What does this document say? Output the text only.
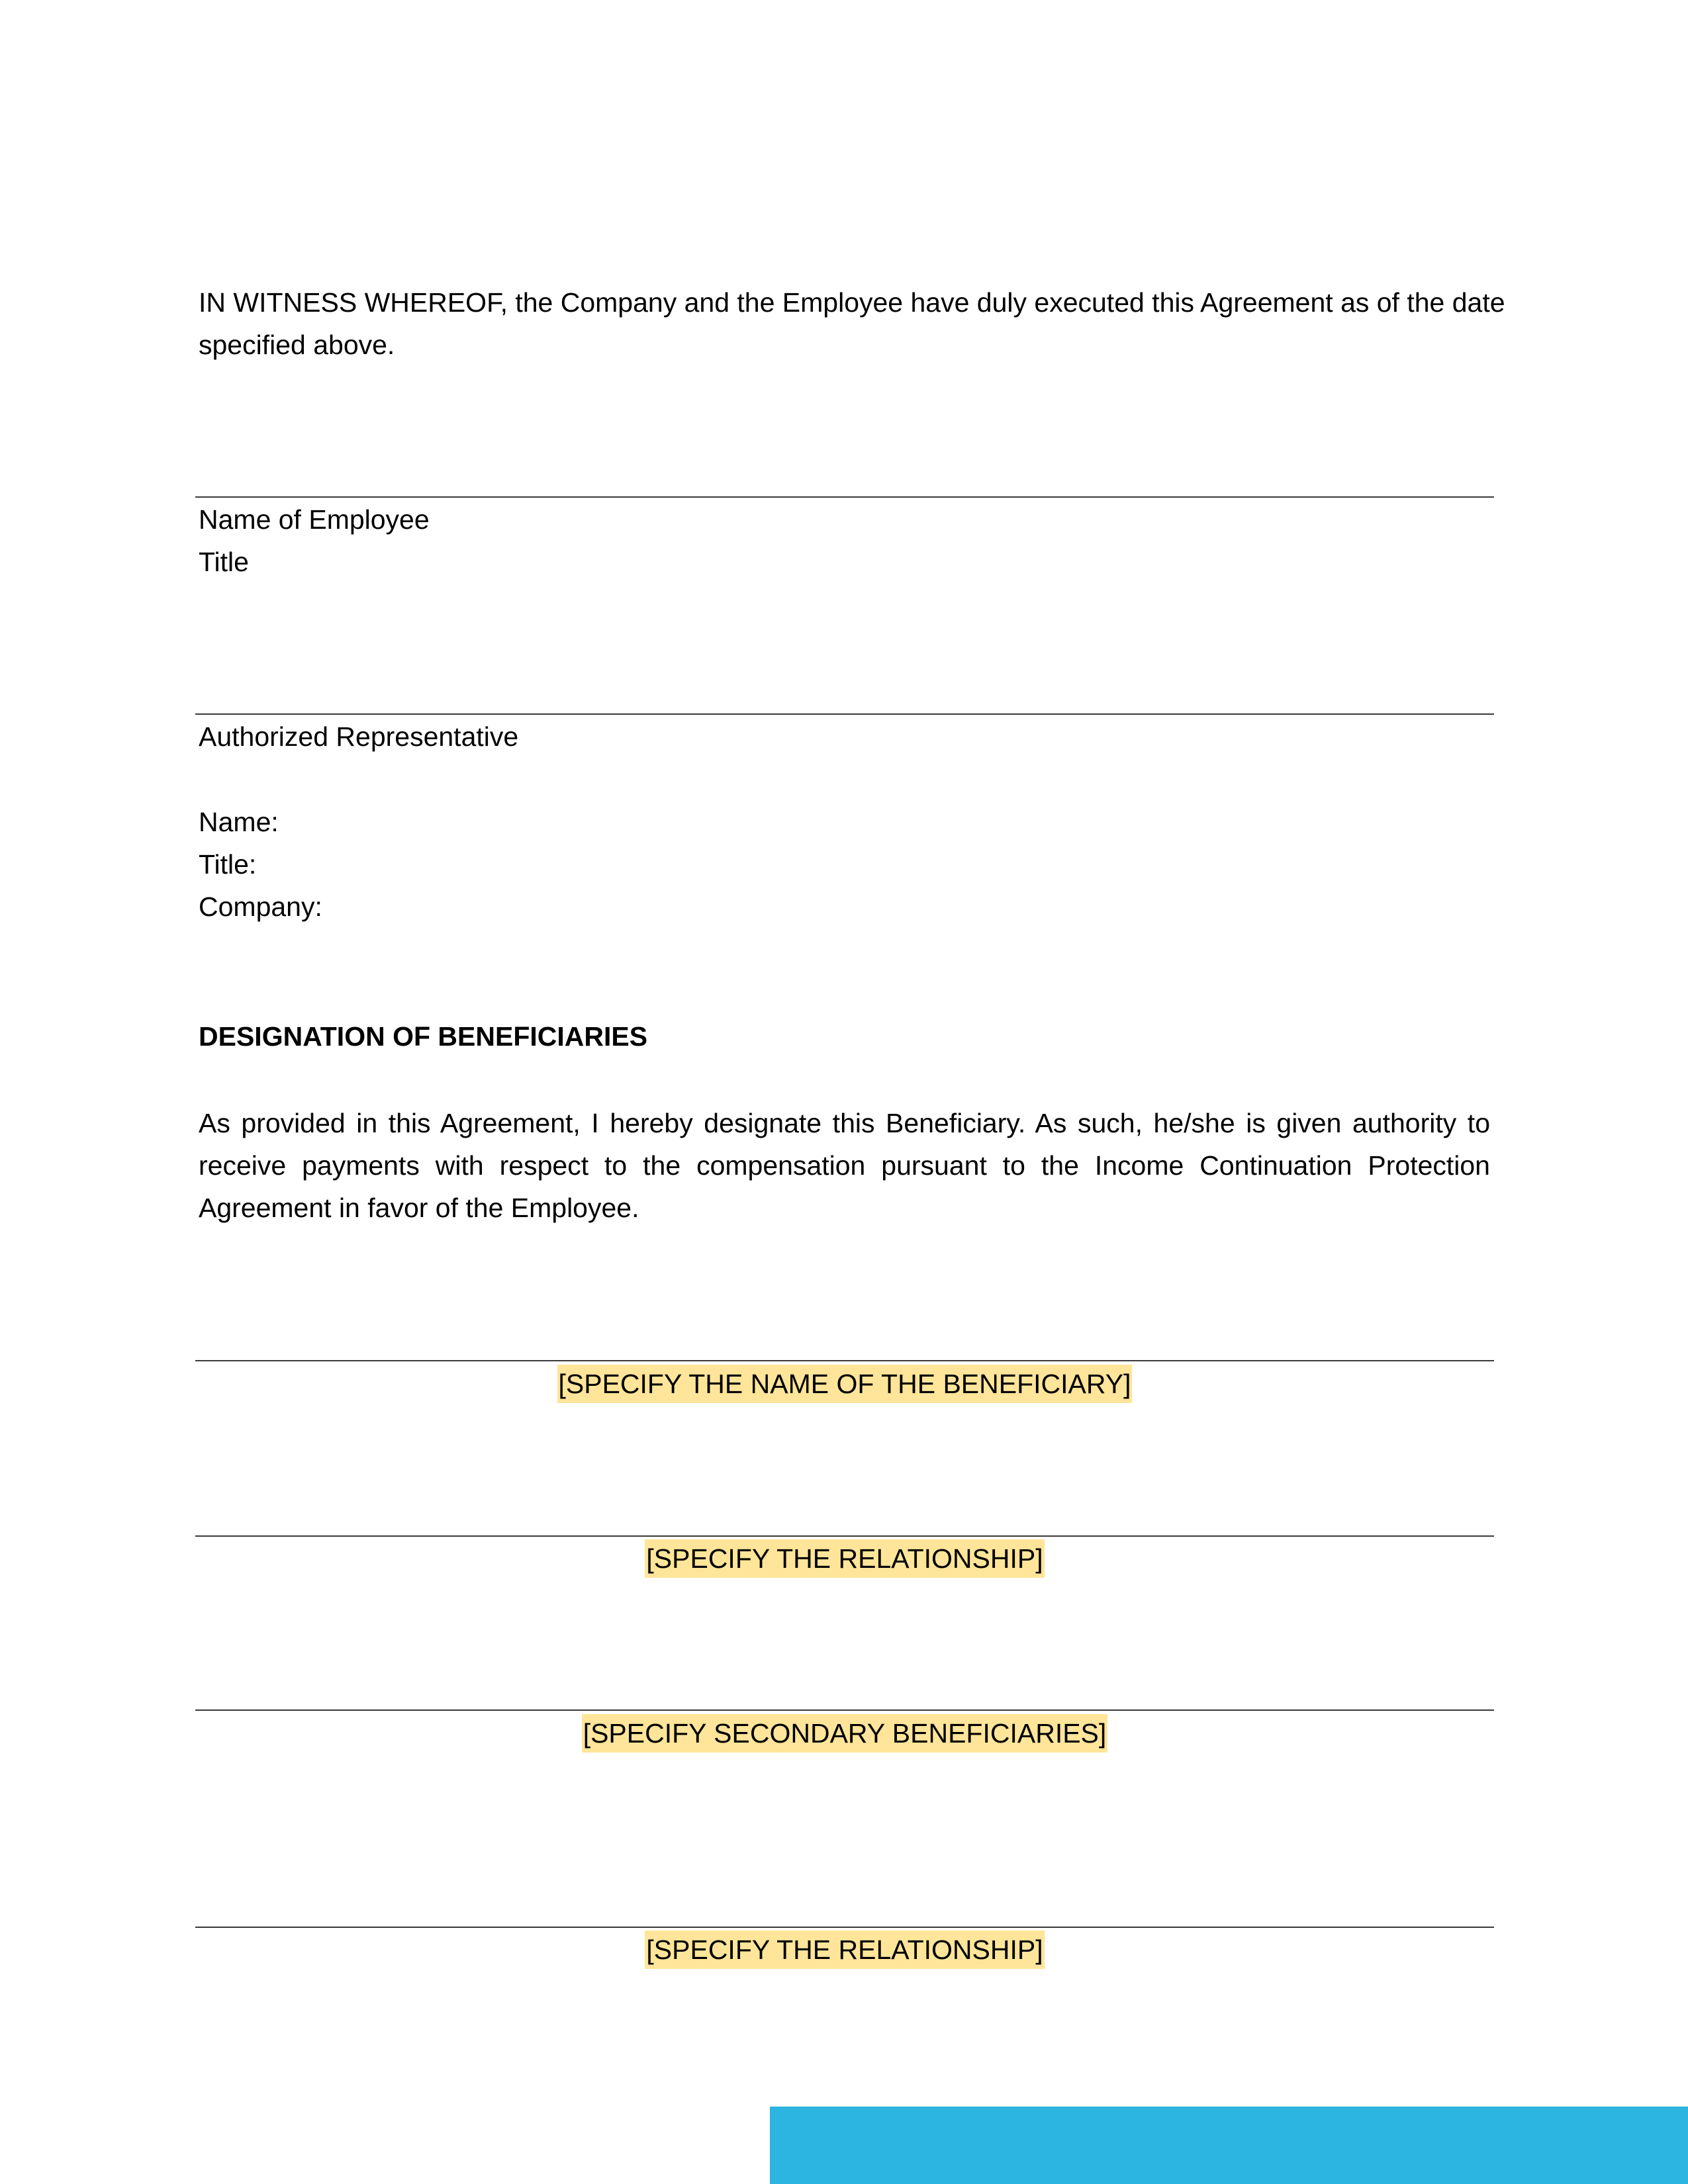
IN WITNESS WHEREOF, the Company and the Employee have duly executed this Agreement as of the date

specified above.

Name of Employee

Title

Authorized Representative

Name:

Title:

Company:

DESIGNATION OF BENEFICIARIES

As provided in this Agreement, I hereby designate this Beneficiary. As such, he/she is given authority to receive payments with respect to the compensation pursuant to the Income Continuation Protection Agreement in favor of the Employee.

[SPECIFY THE NAME OF THE BENEFICIARY]
[SPECIFY THE RELATIONSHIP]
[SPECIFY SECONDARY BENEFICIARIES]
[SPECIFY THE RELATIONSHIP]
